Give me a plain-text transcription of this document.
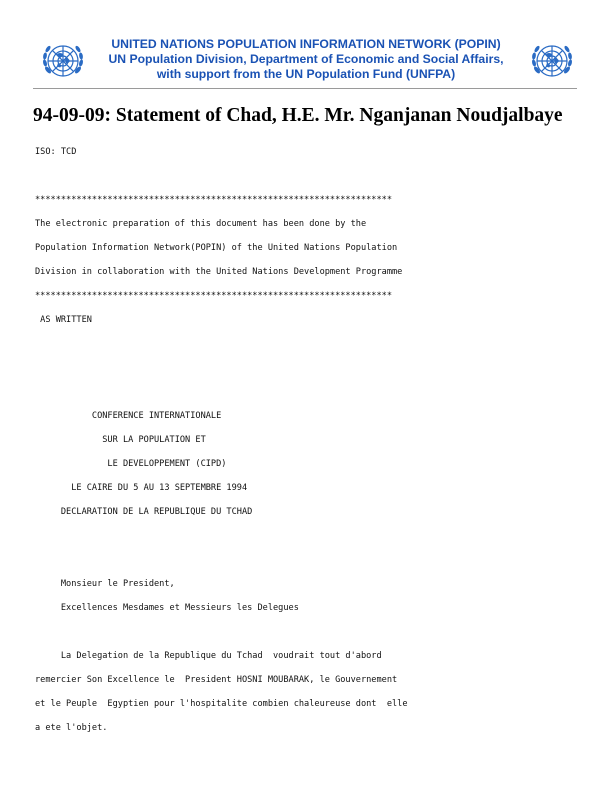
UNITED NATIONS POPULATION INFORMATION NETWORK (POPIN)
UN Population Division, Department of Economic and Social Affairs,
with support from the UN Population Fund (UNFPA)
94-09-09: Statement of Chad, H.E. Mr. Nganjanan Noudjalbaye

ISO: TCD

*********************************************************************

The electronic preparation of this document has been done by the

Population Information Network(POPIN) of the United Nations Population

Division in collaboration with the United Nations Development Programme

*********************************************************************

AS WRITTEN

CONFERENCE INTERNATIONALE

SUR LA POPULATION ET

LE DEVELOPPEMENT (CIPD)

LE CAIRE DU 5 AU 13 SEPTEMBRE 1994

DECLARATION DE LA REPUBLIQUE DU TCHAD

Monsieur le President,

Excellences Mesdames et Messieurs les Delegues

La Delegation de la Republique du Tchad  voudrait tout d'abord

remercier Son Excellence le  President HOSNI MOUBARAK, le Gouvernement

et le Peuple  Egyptien pour l'hospitalite combien chaleureuse dont  elle

a ete l'objet.
